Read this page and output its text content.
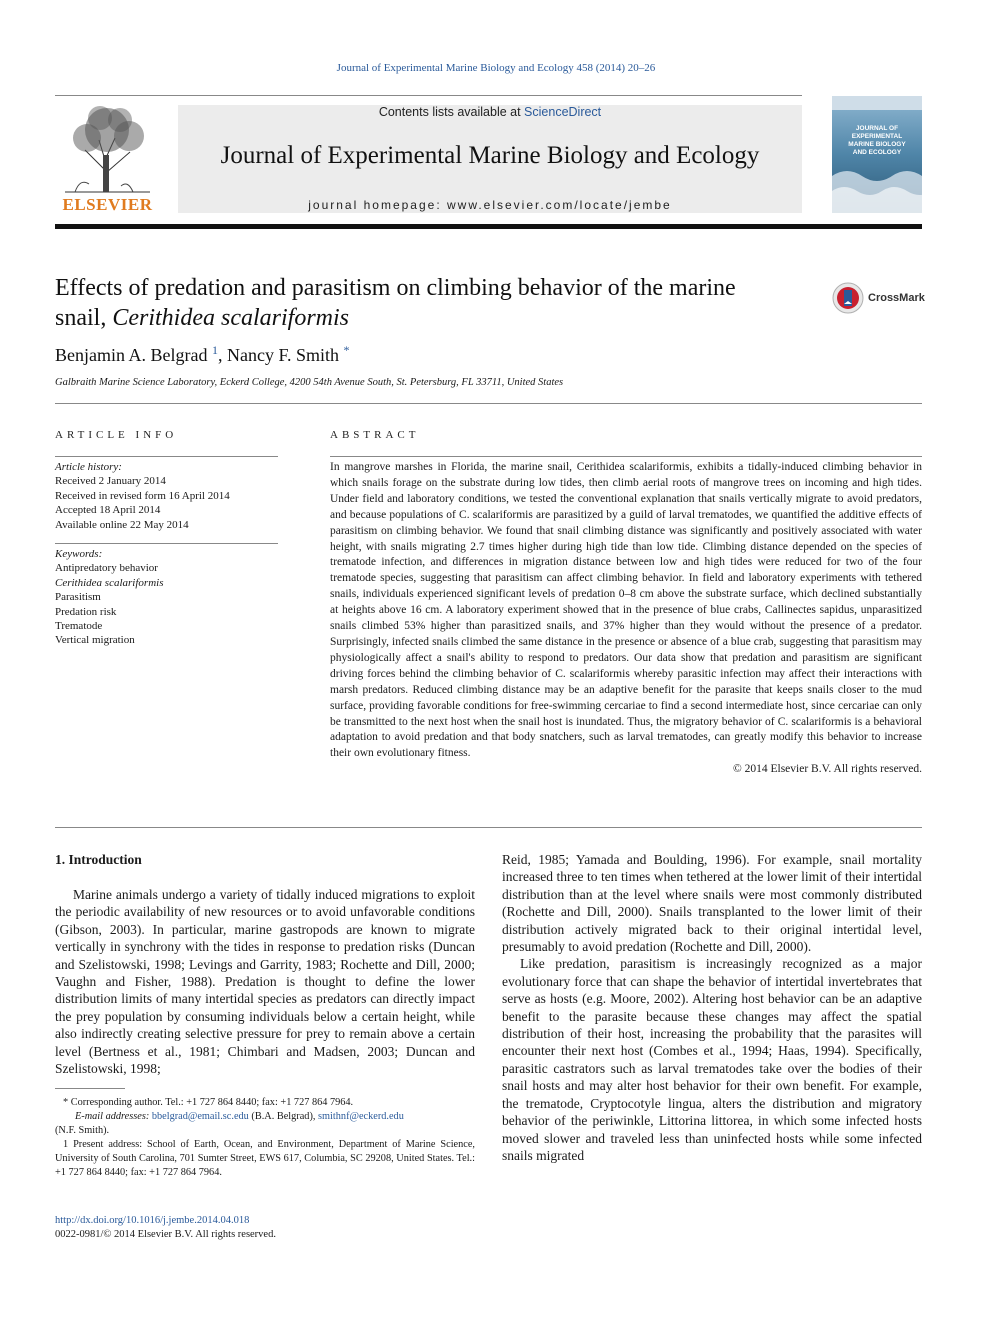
Journal of Experimental Marine Biology and Ecology 458 (2014) 20–26
ELSEVIER
Contents lists available at ScienceDirect
Journal of Experimental Marine Biology and Ecology
journal homepage: www.elsevier.com/locate/jembe
JOURNAL OF
EXPERIMENTAL
MARINE BIOLOGY
AND ECOLOGY
Effects of predation and parasitism on climbing behavior of the marine
snail, Cerithidea scalariformis
CrossMark
Benjamin A. Belgrad $^1$, Nancy F. Smith *
Galbraith Marine Science Laboratory, Eckerd College, 4200 54th Avenue South, St. Petersburg, FL 33711, United States
ARTICLE INFO
Article history:
Received 2 January 2014
Received in revised form 16 April 2014
Accepted 18 April 2014
Available online 22 May 2014
Keywords:
Antipredatory behavior
Cerithidea scalariformis
Parasitism
Predation risk
Trematode
Vertical migration
ABSTRACT
In mangrove marshes in Florida, the marine snail, Cerithidea scalariformis, exhibits a tidally-induced climbing behavior in which snails forage on the substrate during low tides, then climb aerial roots of mangrove trees on incoming and high tides. Under field and laboratory conditions, we tested the conventional explanation that snails vertically migrate to avoid predators, and because populations of C. scalariformis are parasitized by a guild of larval trematodes, we quantified the additive effects of parasitism on climbing behavior. We found that snail climbing distance was significantly and positively associated with water height, with snails migrating 2.7 times higher during high tide than low tide. Climbing distance depended on the species of trematode infection, and differences in migration distance between low and high tides were reduced for two of the four trematode species, suggesting that parasitism can affect climbing behavior. In field and laboratory experiments with tethered snails, individuals experienced significant levels of predation 0–8 cm above the substrate surface, which declined substantially at heights above 16 cm. A laboratory experiment showed that in the presence of blue crabs, Callinectes sapidus, unparasitized snails climbed 53% higher than parasitized snails, and 37% higher than they would without the presence of a predator. Surprisingly, infected snails climbed the same distance in the presence or absence of a blue crab, suggesting that parasitism may physiologically affect a snail's ability to respond to predators. Our data show that predation and parasitism are significant driving forces behind the climbing behavior of C. scalariformis whereby parasitic infection may affect their interactions with marsh predators. Reduced climbing distance may be an adaptive benefit for the parasite that keeps snails closer to the mud surface, providing favorable conditions for free-swimming cercariae to find a second intermediate host, since cercariae can only be transmitted to the next host when the snail host is inundated. Thus, the migratory behavior of C. scalariformis is a behavioral adaptation to avoid predation and that body snatchers, such as larval trematodes, can greatly modify this behavior to increase their own evolutionary fitness.
© 2014 Elsevier B.V. All rights reserved.
1. Introduction

Marine animals undergo a variety of tidally induced migrations to exploit the periodic availability of new resources or to avoid unfavorable conditions (Gibson, 2003). In particular, marine gastropods are known to migrate vertically in synchrony with the tides in response to predation risks (Duncan and Szelistowski, 1998; Levings and Garrity, 1983; Rochette and Dill, 2000; Vaughn and Fisher, 1988). Predation is thought to define the lower distribution limits of many intertidal species as predators can directly impact the prey population by consuming individuals below a certain height, while also indirectly creating selective pressure for prey to remain above a certain level (Bertness et al., 1981; Chimbari and Madsen, 2003; Duncan and Szelistowski, 1998;

Reid, 1985; Yamada and Boulding, 1996). For example, snail mortality increased three to ten times when tethered at the lower limit of their intertidal distribution than at the level where snails were most commonly distributed (Rochette and Dill, 2000). Snails transplanted to the lower limit of their distribution actively migrated back to their original intertidal level, presumably to avoid predation (Rochette and Dill, 2000).

Like predation, parasitism is increasingly recognized as a major evolutionary force that can shape the behavior of intertidal invertebrates that serve as hosts (e.g. Moore, 2002). Altering host behavior can be an adaptive benefit to the parasite because these changes may affect the spatial distribution of their host, increasing the probability that the parasites will encounter their next host (Combes et al., 1994; Haas, 1994). Specifically, parasitic castrators such as larval trematodes take over the bodies of their snail hosts and may alter host behavior for their own benefit. For example, the trematode, Cryptocotyle lingua, alters the distribution and migratory behavior of the periwinkle, Littorina littorea, in which some infected hosts moved slower and traveled less than uninfected hosts while some infected snails migrated

* Corresponding author. Tel.: +1 727 864 8440; fax: +1 727 864 7964.
E-mail addresses: bbelgrad@email.sc.edu (B.A. Belgrad), smithnf@eckerd.edu
(N.F. Smith).
1 Present address: School of Earth, Ocean, and Environment, Department of Marine Science, University of South Carolina, 701 Sumter Street, EWS 617, Columbia, SC 29208, United States. Tel.: +1 727 864 8440; fax: +1 727 864 7964.
http://dx.doi.org/10.1016/j.jembe.2014.04.018
0022-0981/© 2014 Elsevier B.V. All rights reserved.
